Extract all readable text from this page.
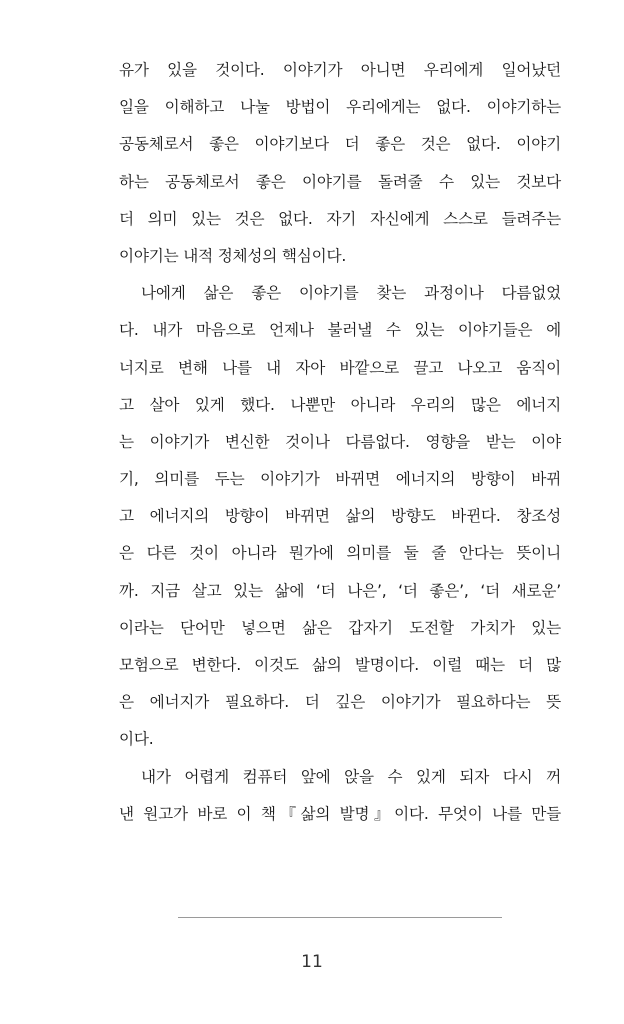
유가 있을 것이다. 이야기가 아니면 우리에게 일어났던
일을 이해하고 나눌 방법이 우리에게는 없다. 이야기하는
공동체로서 좋은 이야기보다 더 좋은 것은 없다. 이야기
하는 공동체로서 좋은 이야기를 돌려줄 수 있는 것보다
더 의미 있는 것은 없다. 자기 자신에게 스스로 들려주는
이야기는 내적 정체성의 핵심이다.
나에게 삶은 좋은 이야기를 찾는 과정이나 다름없었
다. 내가 마음으로 언제나 불러낼 수 있는 이야기들은 에
너지로 변해 나를 내 자아 바깥으로 끌고 나오고 움직이
고 살아 있게 했다. 나뿐만 아니라 우리의 많은 에너지
는 이야기가 변신한 것이나 다름없다. 영향을 받는 이야
기, 의미를 두는 이야기가 바뀌면 에너지의 방향이 바뀌
고 에너지의 방향이 바뀌면 삶의 방향도 바뀐다. 창조성
은 다른 것이 아니라 뭔가에 의미를 둘 줄 안다는 뜻이니
까. 지금 살고 있는 삶에 ‘더 나은’, ‘더 좋은’, ‘더 새로운’
이라는 단어만 넣으면 삶은 갑자기 도전할 가치가 있는
모험으로 변한다. 이것도 삶의 발명이다. 이럴 때는 더 많
은 에너지가 필요하다. 더 깊은 이야기가 필요하다는 뜻
이다.
내가 어렵게 컴퓨터 앞에 앉을 수 있게 되자 다시 꺼
낸 원고가 바로 이 책『삶의 발명』이다. 무엇이 나를 만들
11
